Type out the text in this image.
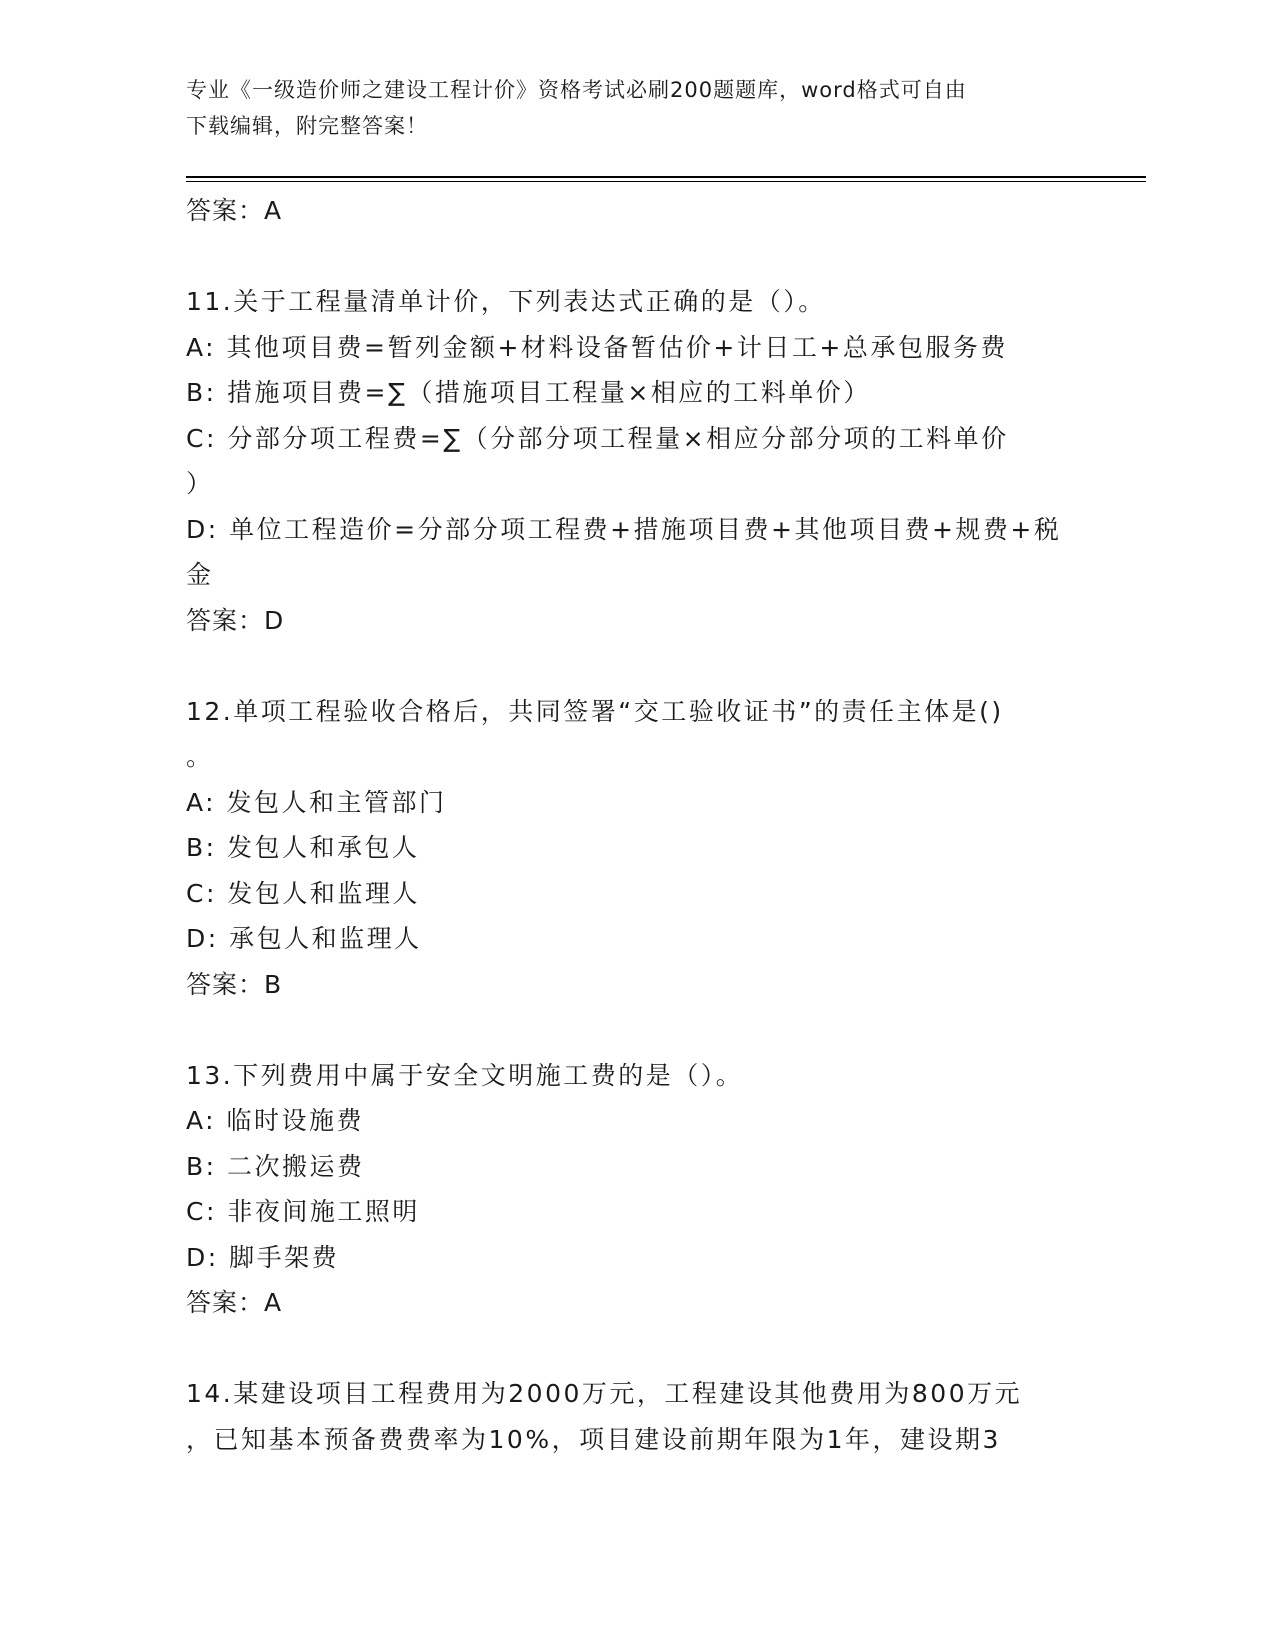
专业《一级造价师之建设工程计价》资格考试必刷200题题库，word格式可自由
下载编辑，附完整答案！
答案：A
11.关于工程量清单计价，下列表达式正确的是（）。
A: 其他项目费=暂列金额+材料设备暂估价+计日工+总承包服务费
B: 措施项目费=∑（措施项目工程量×相应的工料单价）
C: 分部分项工程费=∑（分部分项工程量×相应分部分项的工料单价
）
D: 单位工程造价=分部分项工程费+措施项目费+其他项目费+规费+税
金
答案：D
12.单项工程验收合格后，共同签署“交工验收证书”的责任主体是()
。
A: 发包人和主管部门
B: 发包人和承包人
C: 发包人和监理人
D: 承包人和监理人
答案：B
13.下列费用中属于安全文明施工费的是（）。
A: 临时设施费
B: 二次搬运费
C: 非夜间施工照明
D: 脚手架费
答案：A
14.某建设项目工程费用为2000万元，工程建设其他费用为800万元
，已知基本预备费费率为10%，项目建设前期年限为1年，建设期3
